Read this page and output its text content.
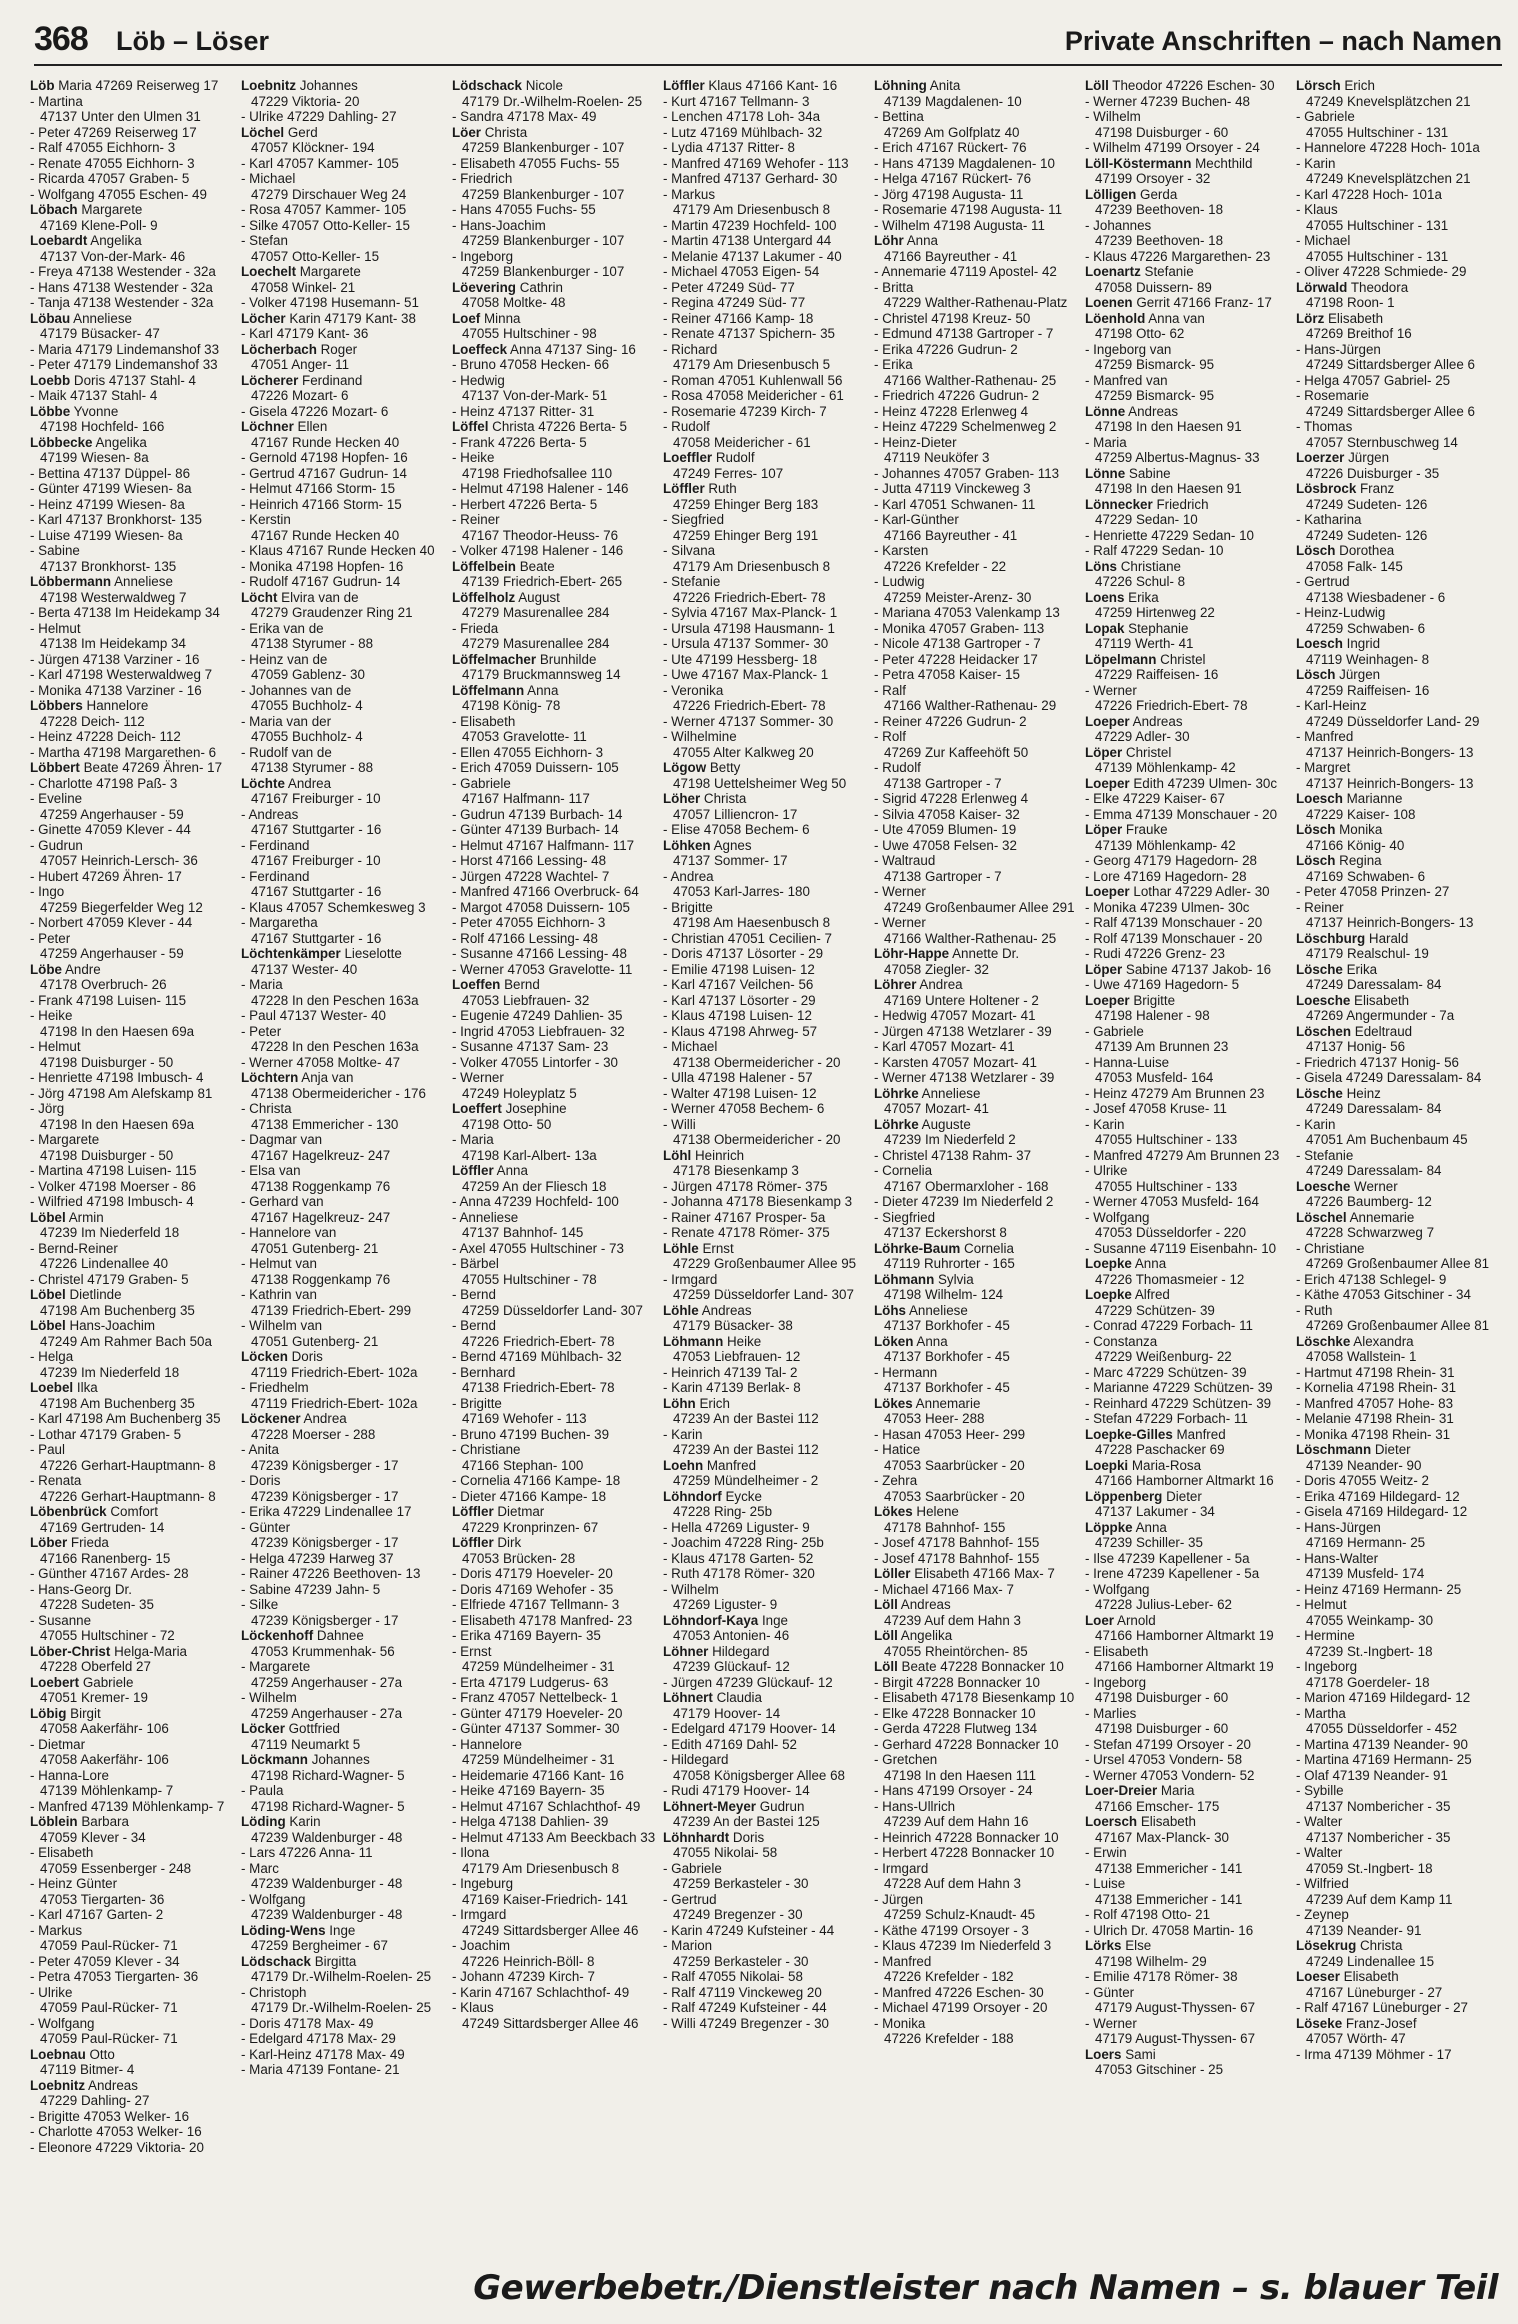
368 Löb – Löser	Private Anschriften – nach Namen
Löb Maria 47269 Reiserweg 17
- Martina
47137 Unter den Ulmen 31
- Peter 47269 Reiserweg 17
- Ralf 47055 Eichhorn- 3
- Renate 47055 Eichhorn- 3
- Ricarda 47057 Graben- 5
- Wolfgang 47055 Eschen- 49
Löbach Margarete
47169 Klene-Poll- 9
Loebardt Angelika
47137 Von-der-Mark- 46
- Freya 47138 Westender - 32a
- Hans 47138 Westender - 32a
- Tanja 47138 Westender - 32a
Löbau Anneliese
47179 Büsacker- 47
- Maria 47179 Lindemanshof 33
- Peter 47179 Lindemanshof 33
Loebb Doris 47137 Stahl- 4
- Maik 47137 Stahl- 4
Löbbe Yvonne
47198 Hochfeld- 166
Löbbecke Angelika
47199 Wiesen- 8a
- Bettina 47137 Düppel- 86
- Günter 47199 Wiesen- 8a
- Heinz 47199 Wiesen- 8a
- Karl 47137 Bronkhorst- 135
- Luise 47199 Wiesen- 8a
- Sabine
47137 Bronkhorst- 135
Löbbermann Anneliese
47198 Westerwaldweg 7
- Berta 47138 Im Heidekamp 34
- Helmut
47138 Im Heidekamp 34
- Jürgen 47138 Varziner - 16
- Karl 47198 Westerwaldweg 7
- Monika 47138 Varziner - 16
Löbbers Hannelore
47228 Deich- 112
- Heinz 47228 Deich- 112
- Martha 47198 Margarethen- 6
Löbbert Beate 47269 Ähren- 17
- Charlotte 47198 Paß- 3
- Eveline
47259 Angerhauser - 59
- Ginette 47059 Klever - 44
- Gudrun
47057 Heinrich-Lersch- 36
- Hubert 47269 Ähren- 17
- Ingo
47259 Biegerfelder Weg 12
- Norbert 47059 Klever - 44
- Peter
47259 Angerhauser - 59
Löbe Andre
47178 Overbruch- 26
- Frank 47198 Luisen- 115
- Heike
47198 In den Haesen 69a
- Helmut
47198 Duisburger - 50
- Henriette 47198 Imbusch- 4
- Jörg 47198 Am Alefskamp 81
- Jörg
47198 In den Haesen 69a
- Margarete
47198 Duisburger - 50
- Martina 47198 Luisen- 115
- Volker 47198 Moerser - 86
- Wilfried 47198 Imbusch- 4
Löbel Armin
47239 Im Niederfeld 18
- Bernd-Reiner
47226 Lindenallee 40
- Christel 47179 Graben- 5
Löbel Dietlinde
47198 Am Buchenberg 35
Löbel Hans-Joachim
47249 Am Rahmer Bach 50a
- Helga
47239 Im Niederfeld 18
Loebel Ilka
47198 Am Buchenberg 35
- Karl 47198 Am Buchenberg 35
- Lothar 47179 Graben- 5
- Paul
47226 Gerhart-Hauptmann- 8
- Renata
47226 Gerhart-Hauptmann- 8
Löbenbrück Comfort
47169 Gertruden- 14
Löber Frieda
47166 Ranenberg- 15
- Günther 47167 Ardes- 28
- Hans-Georg Dr.
47228 Sudeten- 35
- Susanne
47055 Hultschiner - 72
Löber-Christ Helga-Maria
47228 Oberfeld 27
Loebert Gabriele
47051 Kremer- 19
Löbig Birgit
47058 Aakerfähr- 106
- Dietmar
47058 Aakerfähr- 106
- Hanna-Lore
47139 Möhlenkamp- 7
- Manfred 47139 Möhlenkamp- 7
Löblein Barbara
47059 Klever - 34
- Elisabeth
47059 Essenberger - 248
- Heinz Günter
47053 Tiergarten- 36
- Karl 47167 Garten- 2
- Markus
47059 Paul-Rücker- 71
- Peter 47059 Klever - 34
- Petra 47053 Tiergarten- 36
- Ulrike
47059 Paul-Rücker- 71
- Wolfgang
47059 Paul-Rücker- 71
Loebnau Otto
47119 Bitmer- 4
Loebnitz Andreas
47229 Dahling- 27
- Brigitte 47053 Welker- 16
- Charlotte 47053 Welker- 16
- Eleonore 47229 Viktoria- 20
Loebnitz Johannes
47229 Viktoria- 20
- Ulrike 47229 Dahling- 27
Löchel Gerd
47057 Klöckner- 194
- Karl 47057 Kammer- 105
- Michael
47279 Dirschauer Weg 24
- Rosa 47057 Kammer- 105
- Silke 47057 Otto-Keller- 15
- Stefan
47057 Otto-Keller- 15
Loechelt Margarete
47058 Winkel- 21
- Volker 47198 Husemann- 51
Löcher Karin 47179 Kant- 38
- Karl 47179 Kant- 36
Löcherbach Roger
47051 Anger- 11
Löcherer Ferdinand
47226 Mozart- 6
- Gisela 47226 Mozart- 6
Löchner Ellen
47167 Runde Hecken 40
- Gernold 47198 Hopfen- 16
- Gertrud 47167 Gudrun- 14
- Helmut 47166 Storm- 15
- Heinrich 47166 Storm- 15
- Kerstin
47167 Runde Hecken 40
- Klaus 47167 Runde Hecken 40
- Monika 47198 Hopfen- 16
- Rudolf 47167 Gudrun- 14
Löcht Elvira van de
47279 Graudenzer Ring 21
- Erika van de
47138 Styrumer - 88
- Heinz van de
47059 Gablenz- 30
- Johannes van de
47055 Buchholz- 4
- Maria van der
47055 Buchholz- 4
- Rudolf van de
47138 Styrumer - 88
Löchte Andrea
47167 Freiburger - 10
- Andreas
47167 Stuttgarter - 16
- Ferdinand
47167 Freiburger - 10
- Ferdinand
47167 Stuttgarter - 16
- Klaus 47057 Schemkesweg 3
- Margaretha
47167 Stuttgarter - 16
Löchtenkämper Lieselotte
47137 Wester- 40
- Maria
47228 In den Peschen 163a
- Paul 47137 Wester- 40
- Peter
47228 In den Peschen 163a
- Werner 47058 Moltke- 47
Löchtern Anja van
47138 Obermeidericher - 176
- Christa
47138 Emmericher - 130
- Dagmar van
47167 Hagelkreuz- 247
- Elsa van
47138 Roggenkamp 76
- Gerhard van
47167 Hagelkreuz- 247
- Hannelore van
47051 Gutenberg- 21
- Helmut van
47138 Roggenkamp 76
- Kathrin van
47139 Friedrich-Ebert- 299
- Wilhelm van
47051 Gutenberg- 21
Löcken Doris
47119 Friedrich-Ebert- 102a
- Friedhelm
47119 Friedrich-Ebert- 102a
Löckener Andrea
47228 Moerser - 288
- Anita
47239 Königsberger - 17
- Doris
47239 Königsberger - 17
- Erika 47229 Lindenallee 17
- Günter
47239 Königsberger - 17
- Helga 47239 Harweg 37
- Rainer 47226 Beethoven- 13
- Sabine 47239 Jahn- 5
- Silke
47239 Königsberger - 17
Löckenhoff Dahnee
47053 Krummenhak- 56
- Margarete
47259 Angerhauser - 27a
- Wilhelm
47259 Angerhauser - 27a
Löcker Gottfried
47119 Neumarkt 5
Löckmann Johannes
47198 Richard-Wagner- 5
- Paula
47198 Richard-Wagner- 5
Löding Karin
47239 Waldenburger - 48
- Lars 47226 Anna- 11
- Marc
47239 Waldenburger - 48
- Wolfgang
47239 Waldenburger - 48
Löding-Wens Inge
47259 Bergheimer - 67
Lödschack Birgitta
47179 Dr.-Wilhelm-Roelen- 25
- Christoph
47179 Dr.-Wilhelm-Roelen- 25
- Doris 47178 Max- 49
- Edelgard 47178 Max- 29
- Karl-Heinz 47178 Max- 49
- Maria 47139 Fontane- 21
Lödschack Nicole
47179 Dr.-Wilhelm-Roelen- 25
- Sandra 47178 Max- 49
Löer Christa
47259 Blankenburger - 107
- Elisabeth 47055 Fuchs- 55
- Friedrich
47259 Blankenburger - 107
- Hans 47055 Fuchs- 55
- Hans-Joachim
47259 Blankenburger - 107
- Ingeborg
47259 Blankenburger - 107
Löevering Cathrin
47058 Moltke- 48
Loef Minna
47055 Hultschiner - 98
Loeffeck Anna 47137 Sing- 16
- Bruno 47058 Hecken- 66
- Hedwig
47137 Von-der-Mark- 51
- Heinz 47137 Ritter- 31
Löffel Christa 47226 Berta- 5
- Frank 47226 Berta- 5
- Heike
47198 Friedhofsallee 110
- Helmut 47198 Halener - 146
- Herbert 47226 Berta- 5
- Reiner
47167 Theodor-Heuss- 76
- Volker 47198 Halener - 146
Löffelbein Beate
47139 Friedrich-Ebert- 265
Löffelholz August
47279 Masurenallee 284
- Frieda
47279 Masurenallee 284
Löffelmacher Brunhilde
47179 Bruckmannsweg 14
Löffelmann Anna
47198 König- 78
- Elisabeth
47053 Gravelotte- 11
- Ellen 47055 Eichhorn- 3
- Erich 47059 Duissern- 105
- Gabriele
47167 Halfmann- 117
- Gudrun 47139 Burbach- 14
- Günter 47139 Burbach- 14
- Helmut 47167 Halfmann- 117
- Horst 47166 Lessing- 48
- Jürgen 47228 Wachtel- 7
- Manfred 47166 Overbruck- 64
- Margot 47058 Duissern- 105
- Peter 47055 Eichhorn- 3
- Rolf 47166 Lessing- 48
- Susanne 47166 Lessing- 48
- Werner 47053 Gravelotte- 11
Loeffen Bernd
47053 Liebfrauen- 32
- Eugenie 47249 Dahlien- 35
- Ingrid 47053 Liebfrauen- 32
- Susanne 47137 Sam- 23
- Volker 47055 Lintorfer - 30
- Werner
47249 Holeyplatz 5
Loeffert Josephine
47198 Otto- 50
- Maria
47198 Karl-Albert- 13a
Löffler Anna
47259 An der Fliesch 18
- Anna 47239 Hochfeld- 100
- Anneliese
47137 Bahnhof- 145
- Axel 47055 Hultschiner - 73
- Bärbel
47055 Hultschiner - 78
- Bernd
47259 Düsseldorfer Land- 307
- Bernd
47226 Friedrich-Ebert- 78
- Bernd 47169 Mühlbach- 32
- Bernhard
47138 Friedrich-Ebert- 78
- Brigitte
47169 Wehofer - 113
- Bruno 47199 Buchen- 39
- Christiane
47166 Stephan- 100
- Cornelia 47166 Kampe- 18
- Dieter 47166 Kampe- 18
Löffler Dietmar
47229 Kronprinzen- 67
Löffler Dirk
47053 Brücken- 28
- Doris 47179 Hoeveler- 20
- Doris 47169 Wehofer - 35
- Elfriede 47167 Tellmann- 3
- Elisabeth 47178 Manfred- 23
- Erika 47169 Bayern- 35
- Ernst
47259 Mündelheimer - 31
- Erta 47179 Ludgerus- 63
- Franz 47057 Nettelbeck- 1
- Günter 47179 Hoeveler- 20
- Günter 47137 Sommer- 30
- Hannelore
47259 Mündelheimer - 31
- Heidemarie 47166 Kant- 16
- Heike 47169 Bayern- 35
- Helmut 47167 Schlachthof- 49
- Helga 47138 Dahlien- 39
- Helmut 47133 Am Beeckbach 33
- Ilona
47179 Am Driesenbusch 8
- Ingeburg
47169 Kaiser-Friedrich- 141
- Irmgard
47249 Sittardsberger Allee 46
- Joachim
47226 Heinrich-Böll- 8
- Johann 47239 Kirch- 7
- Karin 47167 Schlachthof- 49
- Klaus
47249 Sittardsberger Allee 46
Löffler Klaus 47166 Kant- 16
- Kurt 47167 Tellmann- 3
- Lenchen 47178 Loh- 34a
- Lutz 47169 Mühlbach- 32
- Lydia 47137 Ritter- 8
- Manfred 47169 Wehofer - 113
- Manfred 47137 Gerhard- 30
- Markus
47179 Am Driesenbusch 8
- Martin 47239 Hochfeld- 100
- Martin 47138 Untergard 44
- Melanie 47137 Lakumer - 40
- Michael 47053 Eigen- 54
- Peter 47249 Süd- 77
- Regina 47249 Süd- 77
- Reiner 47166 Kamp- 18
- Renate 47137 Spichern- 35
- Richard
47179 Am Driesenbusch 5
- Roman 47051 Kuhlenwall 56
- Rosa 47058 Meidericher - 61
- Rosemarie 47239 Kirch- 7
- Rudolf
47058 Meidericher - 61
Loeffler Rudolf
47249 Ferres- 107
Löffler Ruth
47259 Ehinger Berg 183
- Siegfried
47259 Ehinger Berg 191
- Silvana
47179 Am Driesenbusch 8
- Stefanie
47226 Friedrich-Ebert- 78
- Sylvia 47167 Max-Planck- 1
- Ursula 47198 Hausmann- 1
- Ursula 47137 Sommer- 30
- Ute 47199 Hessberg- 18
- Uwe 47167 Max-Planck- 1
- Veronika
47226 Friedrich-Ebert- 78
- Werner 47137 Sommer- 30
- Wilhelmine
47055 Alter Kalkweg 20
Lögow Betty
47198 Uettelsheimer Weg 50
Löher Christa
47057 Lilliencron- 17
- Elise 47058 Bechem- 6
Löhken Agnes
47137 Sommer- 17
- Andrea
47053 Karl-Jarres- 180
- Brigitte
47198 Am Haesenbusch 8
- Christian 47051 Cecilien- 7
- Doris 47137 Lösorter - 29
- Emilie 47198 Luisen- 12
- Karl 47167 Veilchen- 56
- Karl 47137 Lösorter - 29
- Klaus 47198 Luisen- 12
- Klaus 47198 Ahrweg- 57
- Michael
47138 Obermeidericher - 20
- Ulla 47198 Halener - 57
- Walter 47198 Luisen- 12
- Werner 47058 Bechem- 6
- Willi
47138 Obermeidericher - 20
Löhl Heinrich
47178 Biesenkamp 3
- Jürgen 47178 Römer- 375
- Johanna 47178 Biesenkamp 3
- Rainer 47167 Prosper- 5a
- Renate 47178 Römer- 375
Löhle Ernst
47229 Großenbaumer Allee 95
- Irmgard
47259 Düsseldorfer Land- 307
Löhle Andreas
47179 Büsacker- 38
Löhmann Heike
47053 Liebfrauen- 12
- Heinrich 47139 Tal- 2
- Karin 47139 Berlak- 8
Löhn Erich
47239 An der Bastei 112
- Karin
47239 An der Bastei 112
Loehn Manfred
47259 Mündelheimer - 2
Löhndorf Eycke
47228 Ring- 25b
- Hella 47269 Liguster- 9
- Joachim 47228 Ring- 25b
- Klaus 47178 Garten- 52
- Ruth 47178 Römer- 320
- Wilhelm
47269 Liguster- 9
Löhndorf-Kaya Inge
47053 Antonien- 46
Löhner Hildegard
47239 Glückauf- 12
- Jürgen 47239 Glückauf- 12
Löhnert Claudia
47179 Hoover- 14
- Edelgard 47179 Hoover- 14
- Edith 47169 Dahl- 52
- Hildegard
47058 Königsberger Allee 68
- Rudi 47179 Hoover- 14
Löhnert-Meyer Gudrun
47239 An der Bastei 125
Löhnhardt Doris
47055 Nikolai- 58
- Gabriele
47259 Berkasteler - 30
- Gertrud
47249 Bregenzer - 30
- Karin 47249 Kufsteiner - 44
- Marion
47259 Berkasteler - 30
- Ralf 47055 Nikolai- 58
- Ralf 47119 Vinckeweg 20
- Ralf 47249 Kufsteiner - 44
- Willi 47249 Bregenzer - 30
Löhning Anita
47139 Magdalenen- 10
- Bettina
47269 Am Golfplatz 40
- Erich 47167 Rückert- 76
- Hans 47139 Magdalenen- 10
- Helga 47167 Rückert- 76
- Jörg 47198 Augusta- 11
- Rosemarie 47198 Augusta- 11
- Wilhelm 47198 Augusta- 11
Löhr Anna
47166 Bayreuther - 41
- Annemarie 47119 Apostel- 42
- Britta
47229 Walther-Rathenau-Platz
- Christel 47198 Kreuz- 50
- Edmund 47138 Gartroper - 7
- Erika 47226 Gudrun- 2
- Erika
47166 Walther-Rathenau- 25
- Friedrich 47226 Gudrun- 2
- Heinz 47228 Erlenweg 4
- Heinz 47229 Schelmenweg 2
- Heinz-Dieter
47119 Neuköfer 3
- Johannes 47057 Graben- 113
- Jutta 47119 Vinckeweg 3
- Karl 47051 Schwanen- 11
- Karl-Günther
47166 Bayreuther - 41
- Karsten
47226 Krefelder - 22
- Ludwig
47259 Meister-Arenz- 30
- Mariana 47053 Valenkamp 13
- Monika 47057 Graben- 113
- Nicole 47138 Gartroper - 7
- Peter 47228 Heidacker 17
- Petra 47058 Kaiser- 15
- Ralf
47166 Walther-Rathenau- 29
- Reiner 47226 Gudrun- 2
- Rolf
47269 Zur Kaffeehöft 50
- Rudolf
47138 Gartroper - 7
- Sigrid 47228 Erlenweg 4
- Silvia 47058 Kaiser- 32
- Ute 47059 Blumen- 19
- Uwe 47058 Felsen- 32
- Waltraud
47138 Gartroper - 7
- Werner
47249 Großenbaumer Allee 291
- Werner
47166 Walther-Rathenau- 25
Löhr-Happe Annette Dr.
47058 Ziegler- 32
Löhrer Andrea
47169 Untere Holtener - 2
- Hedwig 47057 Mozart- 41
- Jürgen 47138 Wetzlarer - 39
- Karl 47057 Mozart- 41
- Karsten 47057 Mozart- 41
- Werner 47138 Wetzlarer - 39
Löhrke Anneliese
47057 Mozart- 41
Löhrke Auguste
47239 Im Niederfeld 2
- Christel 47138 Rahm- 37
- Cornelia
47167 Obermarxloher - 168
- Dieter 47239 Im Niederfeld 2
- Siegfried
47137 Eckershorst 8
Löhrke-Baum Cornelia
47119 Ruhrorter - 165
Löhmann Sylvia
47198 Wilhelm- 124
Löhs Anneliese
47137 Borkhofer - 45
Löken Anna
47137 Borkhofer - 45
- Hermann
47137 Borkhofer - 45
Lökes Annemarie
47053 Heer- 288
- Hasan 47053 Heer- 299
- Hatice
47053 Saarbrücker - 20
- Zehra
47053 Saarbrücker - 20
Lökes Helene
47178 Bahnhof- 155
- Josef 47178 Bahnhof- 155
- Josef 47178 Bahnhof- 155
Löller Elisabeth 47166 Max- 7
- Michael 47166 Max- 7
Löll Andreas
47239 Auf dem Hahn 3
Löll Angelika
47055 Rheintörchen- 85
Löll Beate 47228 Bonnacker 10
- Birgit 47228 Bonnacker 10
- Elisabeth 47178 Biesenkamp 10
- Elke 47228 Bonnacker 10
- Gerda 47228 Flutweg 134
- Gerhard 47228 Bonnacker 10
- Gretchen
47198 In den Haesen 111
- Hans 47199 Orsoyer - 24
- Hans-Ullrich
47239 Auf dem Hahn 16
- Heinrich 47228 Bonnacker 10
- Herbert 47228 Bonnacker 10
- Irmgard
47228 Auf dem Hahn 3
- Jürgen
47259 Schulz-Knaudt- 45
- Käthe 47199 Orsoyer - 3
- Klaus 47239 Im Niederfeld 3
- Manfred
47226 Krefelder - 182
- Manfred 47226 Eschen- 30
- Michael 47199 Orsoyer - 20
- Monika
47226 Krefelder - 188
Löll Theodor 47226 Eschen- 30
- Werner 47239 Buchen- 48
- Wilhelm
47198 Duisburger - 60
- Wilhelm 47199 Orsoyer - 24
Löll-Köstermann Mechthild
47199 Orsoyer - 32
Lölligen Gerda
47239 Beethoven- 18
- Johannes
47239 Beethoven- 18
- Klaus 47226 Margarethen- 23
Loenartz Stefanie
47058 Duissern- 89
Loenen Gerrit 47166 Franz- 17
Löenhold Anna van
47198 Otto- 62
- Ingeborg van
47259 Bismarck- 95
- Manfred van
47259 Bismarck- 95
Lönne Andreas
47198 In den Haesen 91
- Maria
47259 Albertus-Magnus- 33
Lönne Sabine
47198 In den Haesen 91
Lönnecker Friedrich
47229 Sedan- 10
- Henriette 47229 Sedan- 10
- Ralf 47229 Sedan- 10
Löns Christiane
47226 Schul- 8
Loens Erika
47259 Hirtenweg 22
Lopak Stephanie
47119 Werth- 41
Löpelmann Christel
47229 Raiffeisen- 16
- Werner
47226 Friedrich-Ebert- 78
Loeper Andreas
47229 Adler- 30
Löper Christel
47139 Möhlenkamp- 42
Loeper Edith 47239 Ulmen- 30c
- Elke 47229 Kaiser- 67
- Emma 47139 Monschauer - 20
Löper Frauke
47139 Möhlenkamp- 42
- Georg 47179 Hagedorn- 28
- Lore 47169 Hagedorn- 28
Loeper Lothar 47229 Adler- 30
- Monika 47239 Ulmen- 30c
- Ralf 47139 Monschauer - 20
- Rolf 47139 Monschauer - 20
- Rudi 47226 Grenz- 23
Löper Sabine 47137 Jakob- 16
- Uwe 47169 Hagedorn- 5
Loeper Brigitte
47198 Halener - 98
- Gabriele
47139 Am Brunnen 23
- Hanna-Luise
47053 Musfeld- 164
- Heinz 47279 Am Brunnen 23
- Josef 47058 Kruse- 11
- Karin
47055 Hultschiner - 133
- Manfred 47279 Am Brunnen 23
- Ulrike
47055 Hultschiner - 133
- Werner 47053 Musfeld- 164
- Wolfgang
47053 Düsseldorfer - 220
- Susanne 47119 Eisenbahn- 10
Loepke Anna
47226 Thomasmeier - 12
Loepke Alfred
47229 Schützen- 39
- Conrad 47229 Forbach- 11
- Constanza
47229 Weißenburg- 22
- Marc 47229 Schützen- 39
- Marianne 47229 Schützen- 39
- Reinhard 47229 Schützen- 39
- Stefan 47229 Forbach- 11
Loepke-Gilles Manfred
47228 Paschacker 69
Loepki Maria-Rosa
47166 Hamborner Altmarkt 16
Löppenberg Dieter
47137 Lakumer - 34
Löppke Anna
47239 Schiller- 35
- Ilse 47239 Kapellener - 5a
- Irene 47239 Kapellener - 5a
- Wolfgang
47228 Julius-Leber- 62
Loer Arnold
47166 Hamborner Altmarkt 19
- Elisabeth
47166 Hamborner Altmarkt 19
- Ingeborg
47198 Duisburger - 60
- Marlies
47198 Duisburger - 60
- Stefan 47199 Orsoyer - 20
- Ursel 47053 Vondern- 58
- Werner 47053 Vondern- 52
Loer-Dreier Maria
47166 Emscher- 175
Loersch Elisabeth
47167 Max-Planck- 30
- Erwin
47138 Emmericher - 141
- Luise
47138 Emmericher - 141
- Rolf 47198 Otto- 21
- Ulrich Dr. 47058 Martin- 16
Lörks Else
47198 Wilhelm- 29
- Emilie 47178 Römer- 38
- Günter
47179 August-Thyssen- 67
- Werner
47179 August-Thyssen- 67
Loers Sami
47053 Gitschiner - 25
Lörsch Erich
47249 Knevelsplätzchen 21
- Gabriele
47055 Hultschiner - 131
- Hannelore 47228 Hoch- 101a
- Karin
47249 Knevelsplätzchen 21
- Karl 47228 Hoch- 101a
- Klaus
47055 Hultschiner - 131
- Michael
47055 Hultschiner - 131
- Oliver 47228 Schmiede- 29
Lörwald Theodora
47198 Roon- 1
Lörz Elisabeth
47269 Breithof 16
- Hans-Jürgen
47249 Sittardsberger Allee 6
- Helga 47057 Gabriel- 25
- Rosemarie
47249 Sittardsberger Allee 6
- Thomas
47057 Sternbuschweg 14
Loerzer Jürgen
47226 Duisburger - 35
Lösbrock Franz
47249 Sudeten- 126
- Katharina
47249 Sudeten- 126
Lösch Dorothea
47058 Falk- 145
- Gertrud
47138 Wiesbadener - 6
- Heinz-Ludwig
47259 Schwaben- 6
Loesch Ingrid
47119 Weinhagen- 8
Lösch Jürgen
47259 Raiffeisen- 16
- Karl-Heinz
47249 Düsseldorfer Land- 29
- Manfred
47137 Heinrich-Bongers- 13
- Margret
47137 Heinrich-Bongers- 13
Loesch Marianne
47229 Kaiser- 108
Lösch Monika
47166 König- 40
Lösch Regina
47169 Schwaben- 6
- Peter 47058 Prinzen- 27
- Reiner
47137 Heinrich-Bongers- 13
Löschburg Harald
47179 Realschul- 19
Lösche Erika
47249 Daressalam- 84
Loesche Elisabeth
47269 Angermunder - 7a
Löschen Edeltraud
47137 Honig- 56
- Friedrich 47137 Honig- 56
- Gisela 47249 Daressalam- 84
Lösche Heinz
47249 Daressalam- 84
- Karin
47051 Am Buchenbaum 45
- Stefanie
47249 Daressalam- 84
Loesche Werner
47226 Baumberg- 12
Löschel Annemarie
47228 Schwarzweg 7
- Christiane
47269 Großenbaumer Allee 81
- Erich 47138 Schlegel- 9
- Käthe 47053 Gitschiner - 34
- Ruth
47269 Großenbaumer Allee 81
Löschke Alexandra
47058 Wallstein- 1
- Hartmut 47198 Rhein- 31
- Kornelia 47198 Rhein- 31
- Manfred 47057 Hohe- 83
- Melanie 47198 Rhein- 31
- Monika 47198 Rhein- 31
Löschmann Dieter
47139 Neander- 90
- Doris 47055 Weitz- 2
- Erika 47169 Hildegard- 12
- Gisela 47169 Hildegard- 12
- Hans-Jürgen
47169 Hermann- 25
- Hans-Walter
47139 Musfeld- 174
- Heinz 47169 Hermann- 25
- Helmut
47055 Weinkamp- 30
- Hermine
47239 St.-Ingbert- 18
- Ingeborg
47178 Goerdeler- 18
- Marion 47169 Hildegard- 12
- Martha
47055 Düsseldorfer - 452
- Martina 47139 Neander- 90
- Martina 47169 Hermann- 25
- Olaf 47139 Neander- 91
- Sybille
47137 Nombericher - 35
- Walter
47137 Nombericher - 35
- Walter
47059 St.-Ingbert- 18
- Wilfried
47239 Auf dem Kamp 11
- Zeynep
47139 Neander- 91
Lösekrug Christa
47249 Lindenallee 15
Loeser Elisabeth
47167 Lüneburger - 27
- Ralf 47167 Lüneburger - 27
Löseke Franz-Josef
47057 Wörth- 47
- Irma 47139 Möhmer - 17
Gewerbebetr./Dienstleister nach Namen – s. blauer Teil
